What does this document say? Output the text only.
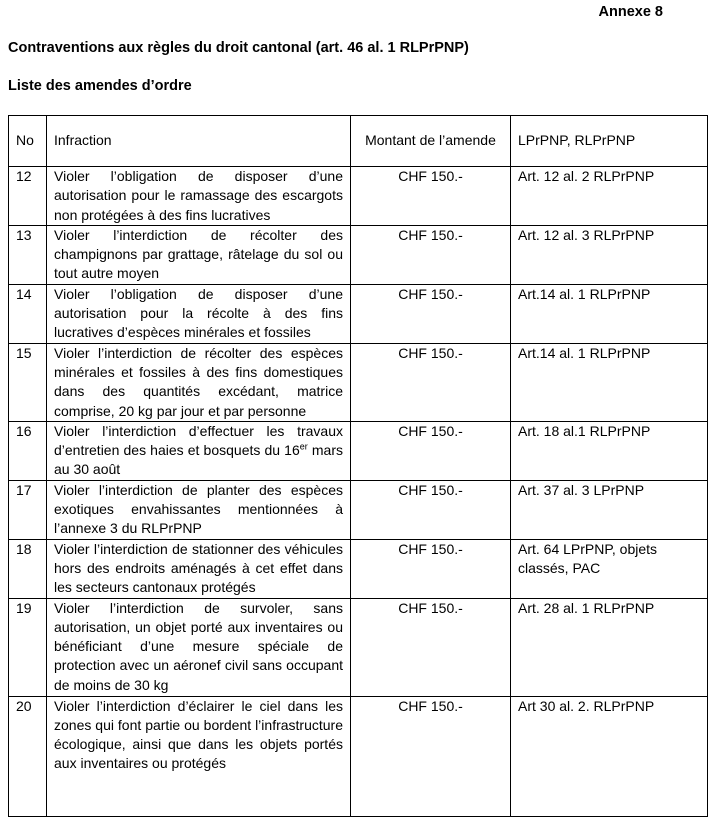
Annexe 8
Contraventions aux règles du droit cantonal (art. 46 al. 1 RLPrPNP)
Liste des amendes d’ordre
No	Infraction	Montant de l’amende	LPrPNP, RLPrPNP
12	Violer l’obligation de disposer d’une autorisation pour le ramassage des escargots non protégées à des fins lucratives	CHF 150.-	Art. 12 al. 2 RLPrPNP
13	Violer l’interdiction de récolter des champignons par grattage, râtelage du sol ou tout autre moyen	CHF 150.-	Art. 12 al. 3 RLPrPNP
14	Violer l’obligation de disposer d’une autorisation pour la récolte à des fins lucratives d’espèces minérales et fossiles	CHF 150.-	Art.14 al. 1 RLPrPNP
15	Violer l’interdiction de récolter des espèces minérales et fossiles à des fins domestiques dans des quantités excédant, matrice comprise, 20 kg par jour et par personne	CHF 150.-	Art.14 al. 1 RLPrPNP
16	Violer l’interdiction d’effectuer les travaux d’entretien des haies et bosquets du 16er mars au 30 août	CHF 150.-	Art. 18 al.1 RLPrPNP
17	Violer l’interdiction de planter des espèces exotiques envahissantes mentionnées à l’annexe 3 du RLPrPNP	CHF 150.-	Art. 37 al. 3 LPrPNP
18	Violer l’interdiction de stationner des véhicules hors des endroits aménagés à cet effet dans les secteurs cantonaux protégés	CHF 150.-	Art. 64 LPrPNP, objets classés, PAC
19	Violer l’interdiction de survoler, sans autorisation, un objet porté aux inventaires ou bénéficiant d’une mesure spéciale de protection avec un aéronef civil sans occupant de moins de 30 kg	CHF 150.-	Art. 28 al. 1 RLPrPNP
20	Violer l’interdiction d’éclairer le ciel dans les zones qui font partie ou bordent l’infrastructure écologique, ainsi que dans les objets portés aux inventaires ou protégés	CHF 150.-	Art 30 al. 2. RLPrPNP
